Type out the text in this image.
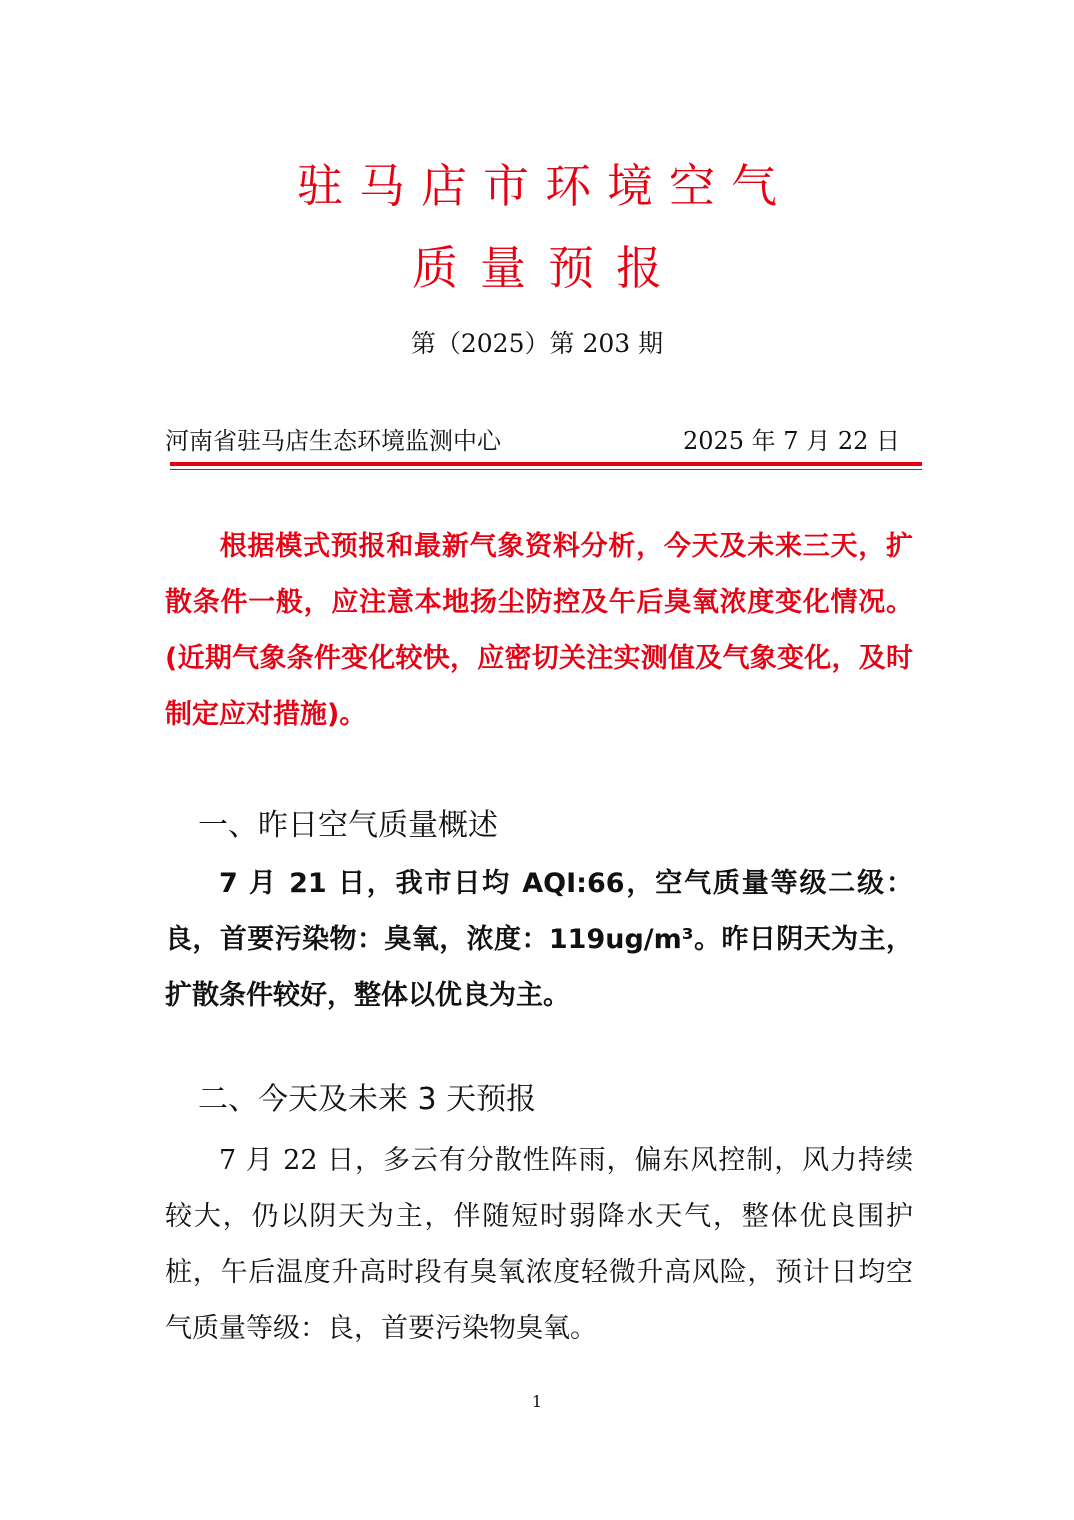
驻马店市环境空气
质量预报
第（2025）第 203 期
河南省驻马店生态环境监测中心	2025 年 7 月 22 日

根据模式预报和最新气象资料分析，今天及未来三天，扩散条件一般，应注意本地扬尘防控及午后臭氧浓度变化情况。(近期气象条件变化较快，应密切关注实测值及气象变化，及时制定应对措施)。

一、昨日空气质量概述

7 月 21 日，我市日均 AQI:66，空气质量等级二级：良，首要污染物：臭氧，浓度：119ug/m³。昨日阴天为主，扩散条件较好，整体以优良为主。

二、今天及未来 3 天预报

7 月 22 日，多云有分散性阵雨，偏东风控制，风力持续较大，仍以阴天为主，伴随短时弱降水天气，整体优良围护桩，午后温度升高时段有臭氧浓度轻微升高风险，预计日均空气质量等级：良，首要污染物臭氧。

1
